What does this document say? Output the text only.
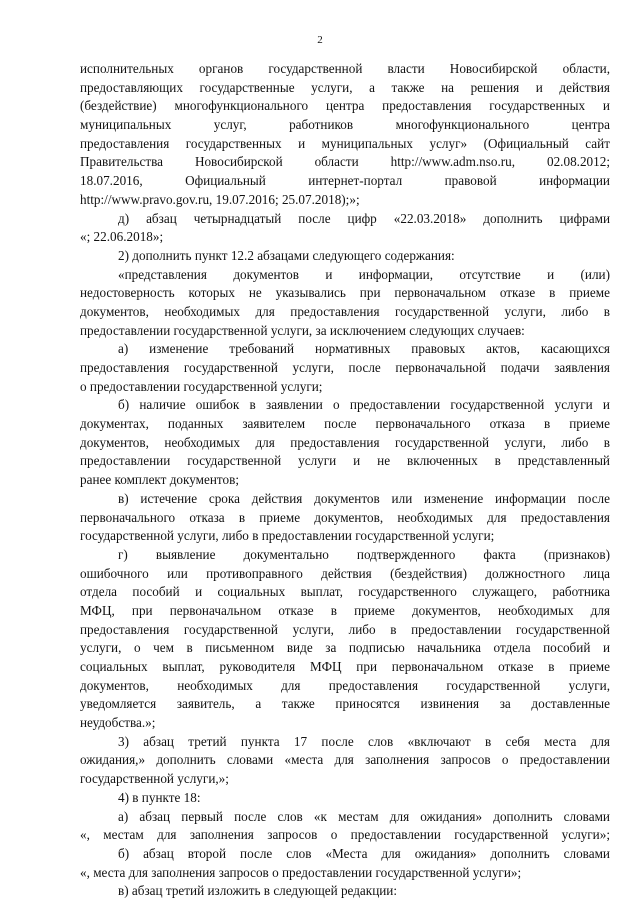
2
исполнительных органов государственной власти Новосибирской области,
предоставляющих государственные услуги, а также на решения и действия
(бездействие) многофункционального центра предоставления государственных и
муниципальных услуг, работников многофункционального центра
предоставления государственных и муниципальных услуг» (Официальный сайт
Правительства Новосибирской области http://www.adm.nso.ru, 02.08.2012;
18.07.2016, Официальный интернет-портал правовой информации
http://www.pravo.gov.ru, 19.07.2016; 25.07.2018);»;
д) абзац четырнадцатый после цифр «22.03.2018» дополнить цифрами
«; 22.06.2018»;
2) дополнить пункт 12.2 абзацами следующего содержания:
«представления документов и информации, отсутствие и (или)
недостоверность которых не указывались при первоначальном отказе в приеме
документов, необходимых для предоставления государственной услуги, либо в
предоставлении государственной услуги, за исключением следующих случаев:
а) изменение требований нормативных правовых актов, касающихся
предоставления государственной услуги, после первоначальной подачи заявления
о предоставлении государственной услуги;
б) наличие ошибок в заявлении о предоставлении государственной услуги и
документах, поданных заявителем после первоначального отказа в приеме
документов, необходимых для предоставления государственной услуги, либо в
предоставлении государственной услуги и не включенных в представленный
ранее комплект документов;
в) истечение срока действия документов или изменение информации после
первоначального отказа в приеме документов, необходимых для предоставления
государственной услуги, либо в предоставлении государственной услуги;
г) выявление документально подтвержденного факта (признаков)
ошибочного или противоправного действия (бездействия) должностного лица
отдела пособий и социальных выплат, государственного служащего, работника
МФЦ, при первоначальном отказе в приеме документов, необходимых для
предоставления государственной услуги, либо в предоставлении государственной
услуги, о чем в письменном виде за подписью начальника отдела пособий и
социальных выплат, руководителя МФЦ при первоначальном отказе в приеме
документов, необходимых для предоставления государственной услуги,
уведомляется заявитель, а также приносятся извинения за доставленные
неудобства.»;
3) абзац третий пункта 17 после слов «включают в себя места для
ожидания,» дополнить словами «места для заполнения запросов о предоставлении
государственной услуги,»;
4) в пункте 18:
а) абзац первый после слов «к местам для ожидания» дополнить словами
«, местам для заполнения запросов о предоставлении государственной услуги»;
б) абзац второй после слов «Места для ожидания» дополнить словами
«, места для заполнения запросов о предоставлении государственной услуги»;
в) абзац третий изложить в следующей редакции:
